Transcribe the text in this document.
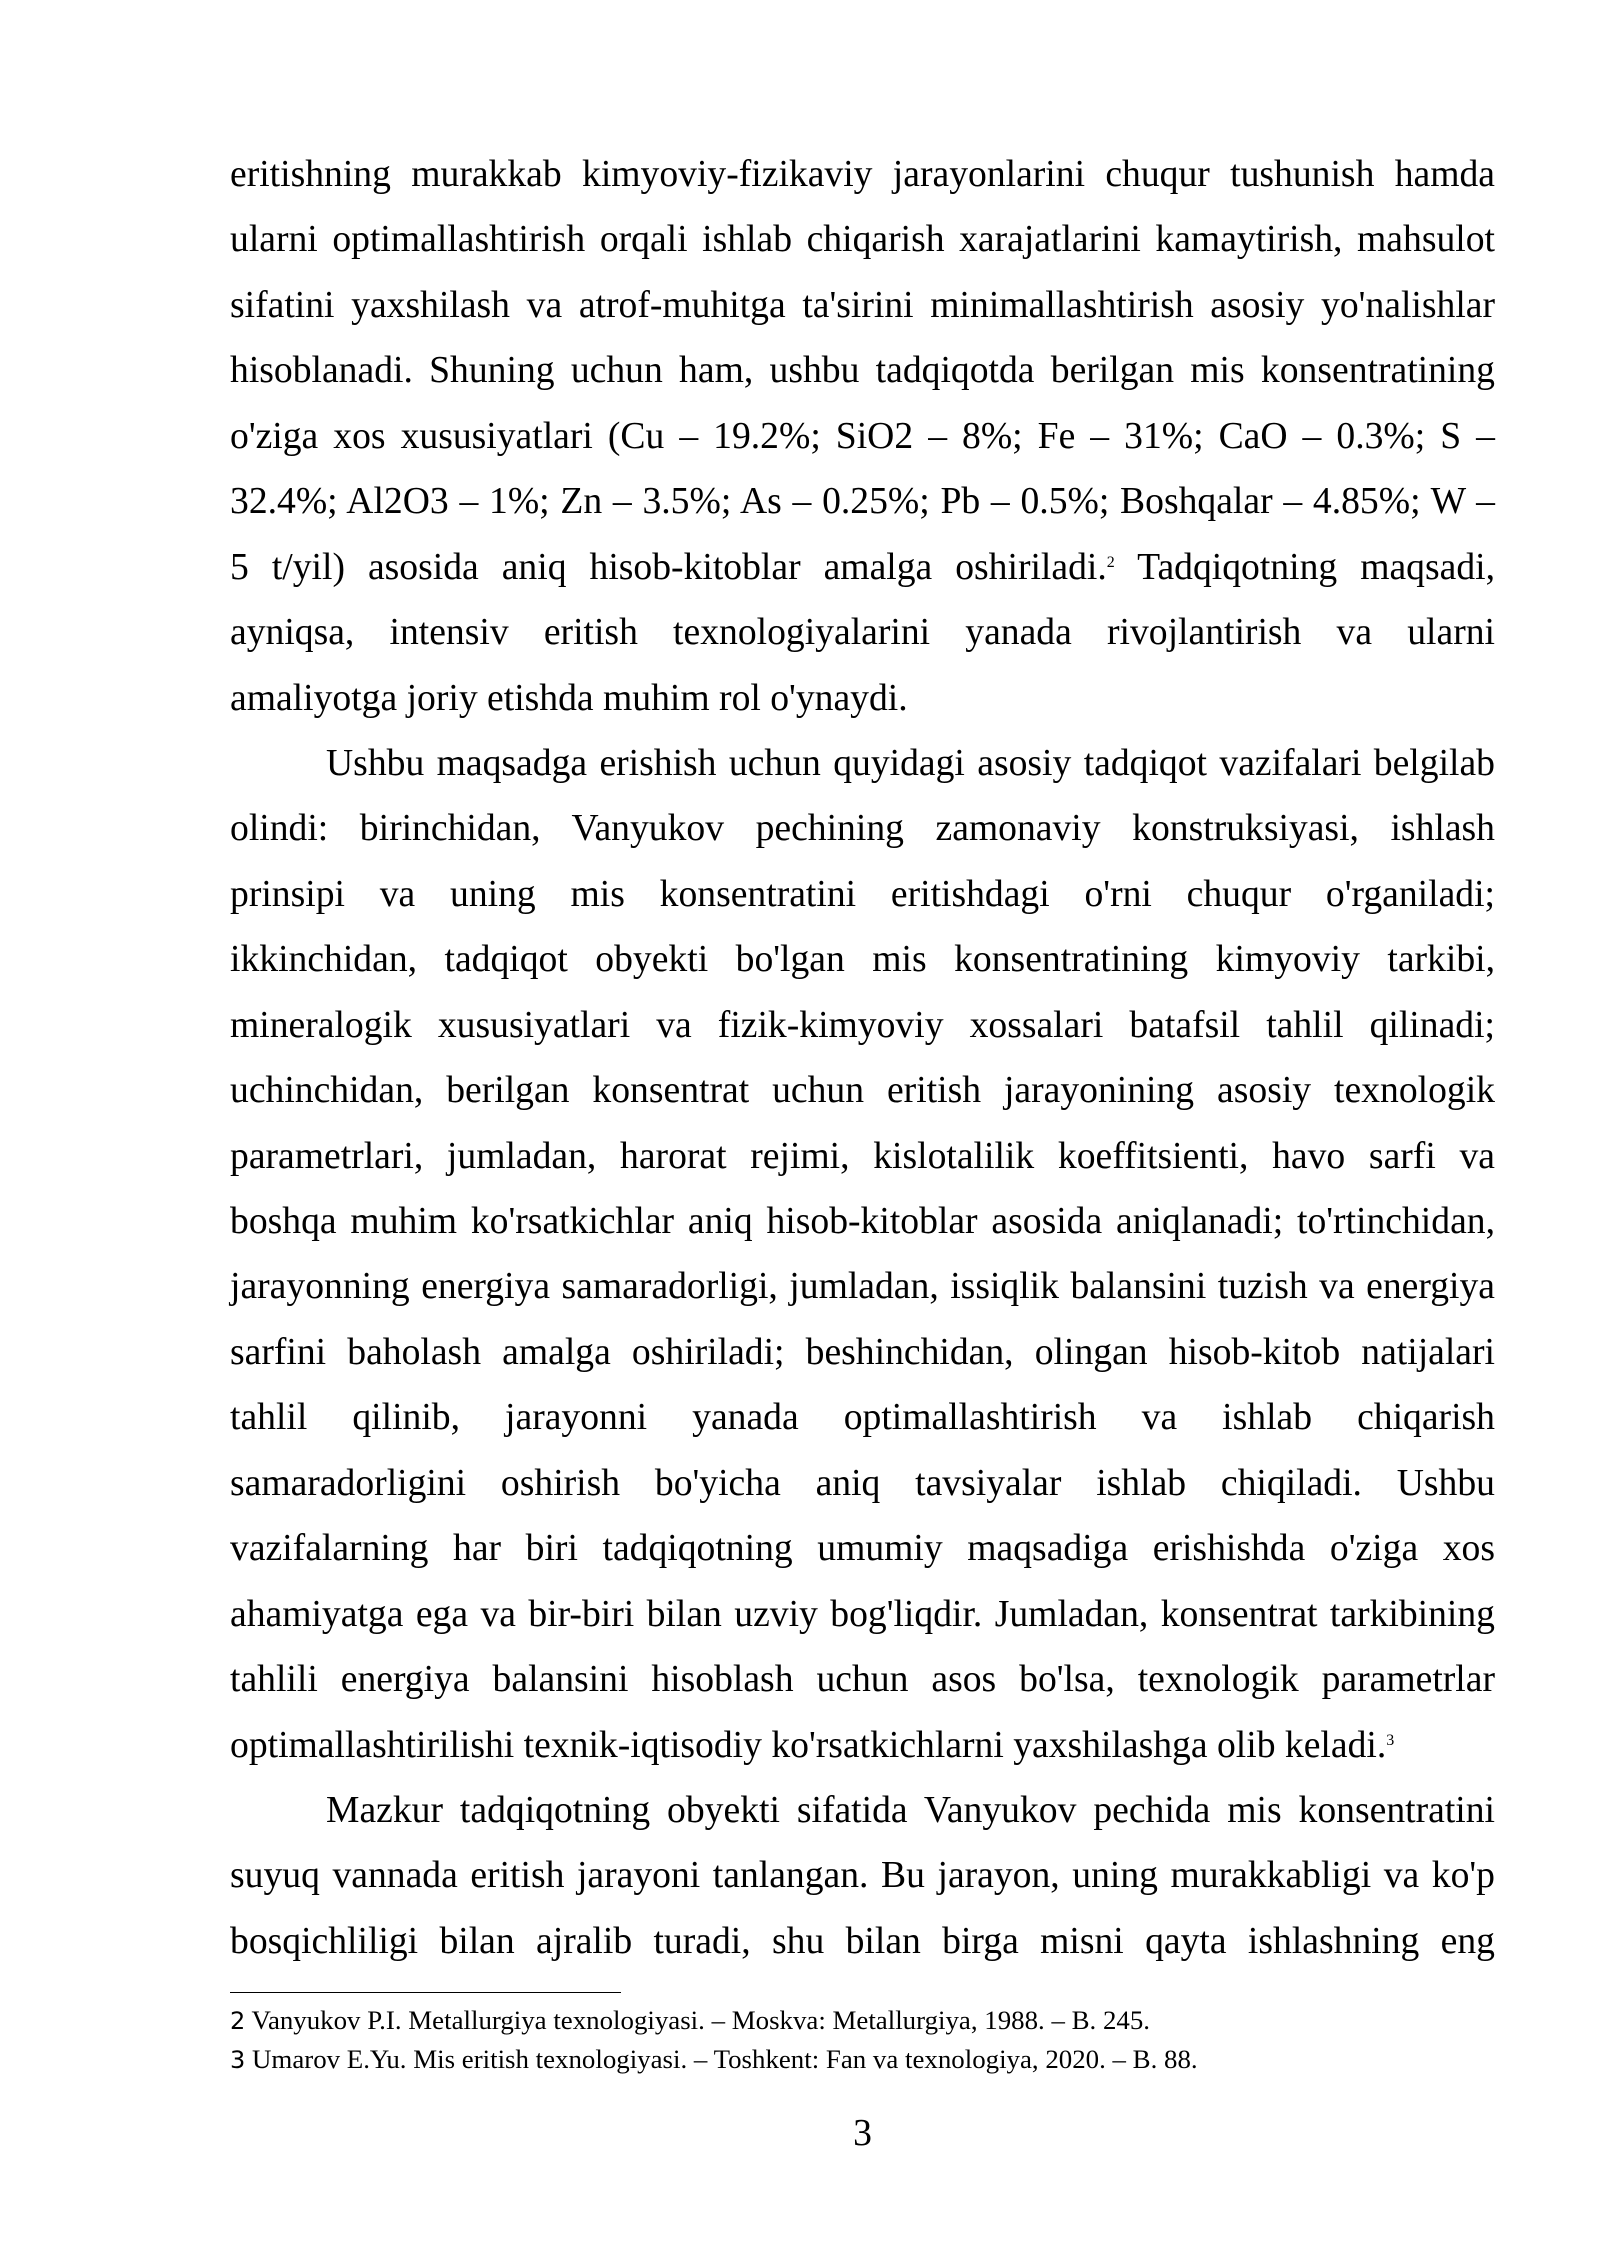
eritishning murakkab kimyoviy-fizikaviy jarayonlarini chuqur tushunish hamda
ularni optimallashtirish orqali ishlab chiqarish xarajatlarini kamaytirish, mahsulot
sifatini yaxshilash va atrof-muhitga ta'sirini minimallashtirish asosiy yo'nalishlar
hisoblanadi. Shuning uchun ham, ushbu tadqiqotda berilgan mis konsentratining
o'ziga xos xususiyatlari (Cu – 19.2%; SiO2 – 8%; Fe – 31%; CaO – 0.3%; S –
32.4%; Al2O3 – 1%; Zn – 3.5%; As – 0.25%; Pb – 0.5%; Boshqalar – 4.85%; W –
5 t/yil) asosida aniq hisob-kitoblar amalga oshiriladi.$^2$ Tadqiqotning maqsadi,
ayniqsa, intensiv eritish texnologiyalarini yanada rivojlantirish va ularni
amaliyotga joriy etishda muhim rol o'ynaydi.
Ushbu maqsadga erishish uchun quyidagi asosiy tadqiqot vazifalari belgilab
olindi: birinchidan, Vanyukov pechining zamonaviy konstruksiyasi, ishlash
prinsipi va uning mis konsentratini eritishdagi o'rni chuqur o'rganiladi;
ikkinchidan, tadqiqot obyekti bo'lgan mis konsentratining kimyoviy tarkibi,
mineralogik xususiyatlari va fizik-kimyoviy xossalari batafsil tahlil qilinadi;
uchinchidan, berilgan konsentrat uchun eritish jarayonining asosiy texnologik
parametrlari, jumladan, harorat rejimi, kislotalilik koeffitsienti, havo sarfi va
boshqa muhim ko'rsatkichlar aniq hisob-kitoblar asosida aniqlanadi; to'rtinchidan,
jarayonning energiya samaradorligi, jumladan, issiqlik balansini tuzish va energiya
sarfini baholash amalga oshiriladi; beshinchidan, olingan hisob-kitob natijalari
tahlil qilinib, jarayonni yanada optimallashtirish va ishlab chiqarish
samaradorligini oshirish bo'yicha aniq tavsiyalar ishlab chiqiladi. Ushbu
vazifalarning har biri tadqiqotning umumiy maqsadiga erishishda o'ziga xos
ahamiyatga ega va bir-biri bilan uzviy bog'liqdir. Jumladan, konsentrat tarkibining
tahlili energiya balansini hisoblash uchun asos bo'lsa, texnologik parametrlar
optimallashtirilishi texnik-iqtisodiy ko'rsatkichlarni yaxshilashga olib keladi.$^3$
Mazkur tadqiqotning obyekti sifatida Vanyukov pechida mis konsentratini
suyuq vannada eritish jarayoni tanlangan. Bu jarayon, uning murakkabligi va ko'p
bosqichliligi bilan ajralib turadi, shu bilan birga misni qayta ishlashning eng
2 Vanyukov P.I. Metallurgiya texnologiyasi. – Moskva: Metallurgiya, 1988. – B. 245.
3 Umarov E.Yu. Mis eritish texnologiyasi. – Toshkent: Fan va texnologiya, 2020. – B. 88.
3
